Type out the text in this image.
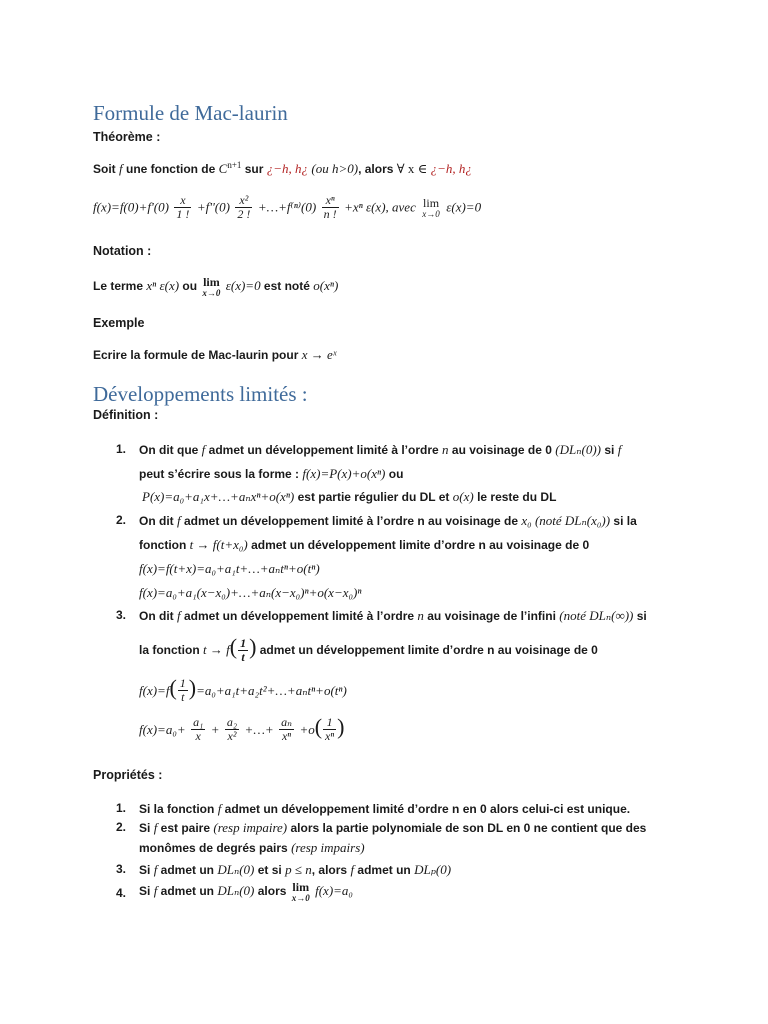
Formule de Mac-laurin
Théorème :
Soit f une fonction de $C^{n+1}$ sur ¿−h, h¿ (ou h>0), alors ∀ x ∈ ¿−h, h¿
$f(x)=f(0)+f'(0) \frac{x}{1 !} +f''(0) \frac{\text{x²}}{2 !}$ +…+f⁽ⁿ⁾(0) $\frac{\text{xⁿ}}{n !} +x^n$ ε(x), avec lim
x→0 ε(x)=0
Notation :
Le terme xⁿ ε(x) ou lim
x→0 ε(x)=0 est noté o(xⁿ)
Exemple
Ecrire la formule de Mac-laurin pour x → eˣ
Développements limités :
Définition :
1. On dit que f admet un développement limité à l’ordre n au voisinage de 0 (DLₙ(0)) si f
peut s’écrire sous la forme : f(x)=P(x)+o(xⁿ) ou
P(x)=a₀+a₁x+…+aₙxⁿ+o(xⁿ) est partie régulier du DL et o(x) le reste du DL
2. On dit f admet un développement limité à l’ordre n au voisinage de x₀ (noté DLₙ(x₀)) si la
fonction t → f(t+x₀) admet un développement limite d’ordre n au voisinage de 0
f(x)=f(t+x)=a₀+a₁t+…+aₙtⁿ+o(tⁿ)
f(x)=a₀+a₁(x−x₀)+…+aₙ(x−x₀)ⁿ+o(x−x₀)ⁿ
3. On dit f admet un développement limité à l’ordre n au voisinage de l’infini (noté DLₙ(∞)) si
la fonction $t \to f( \frac{1}{t}$ ) admet un développement limite d’ordre n au voisinage de 0
$f(x)=f( \frac{1}{t}$ )=a₀+a₁t+a₂t²+…+aₙtⁿ+o(tⁿ)
$f(x)=a_0+ \frac{\text{a₁}}{x} + \frac{\text{a₂}}{\text{x²}}$ +…+ $\frac{\text{aₙ}}{\text{xⁿ}} +o( \frac{1}{\text{xⁿ}}$ )
Propriétés :
1. Si la fonction f admet un développement limité d’ordre n en 0 alors celui-ci est unique.
2. Si f est paire (resp impaire) alors la partie polynomiale de son DL en 0 ne contient que des
monômes de degrés pairs (resp impairs)
3. Si f admet un DLₙ(0) et si p ≤ n, alors f admet un DLₚ(0)
4. Si f admet un DLₙ(0) alors lim
x→0 f(x)=a₀
